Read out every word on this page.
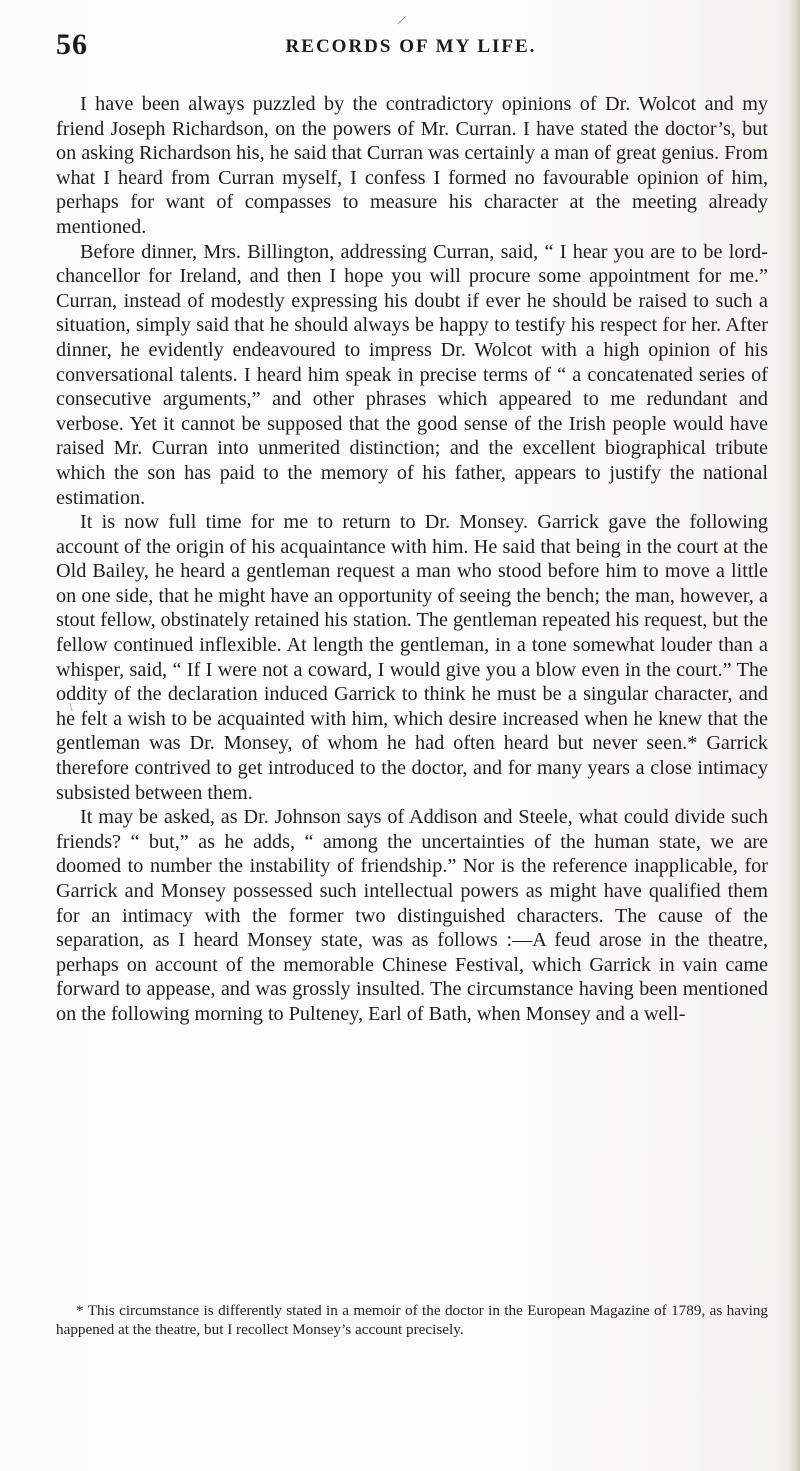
56	RECORDS OF MY LIFE.

I have been always puzzled by the contradictory opinions of Dr. Wolcot and my friend Joseph Richardson, on the powers of Mr. Curran. I have stated the doctor’s, but on asking Richardson his, he said that Curran was certainly a man of great genius. From what I heard from Curran myself, I confess I formed no favourable opinion of him, perhaps for want of compasses to measure his character at the meeting already mentioned.

Before dinner, Mrs. Billington, addressing Curran, said, “ I hear you are to be lord-chancellor for Ireland, and then I hope you will procure some appointment for me.” Curran, instead of modestly expressing his doubt if ever he should be raised to such a situation, simply said that he should always be happy to testify his respect for her. After dinner, he evidently endeavoured to impress Dr. Wolcot with a high opinion of his conversational talents. I heard him speak in precise terms of “ a concatenated series of consecutive arguments,” and other phrases which appeared to me redundant and verbose. Yet it cannot be supposed that the good sense of the Irish people would have raised Mr. Curran into unmerited distinction; and the excellent biographical tribute which the son has paid to the memory of his father, appears to justify the national estimation.

It is now full time for me to return to Dr. Monsey. Garrick gave the following account of the origin of his acquaintance with him. He said that being in the court at the Old Bailey, he heard a gentleman request a man who stood before him to move a little on one side, that he might have an opportunity of seeing the bench; the man, however, a stout fellow, obstinately retained his station. The gentleman repeated his request, but the fellow continued inflexible. At length the gentleman, in a tone somewhat louder than a whisper, said, “ If I were not a coward, I would give you a blow even in the court.” The oddity of the declaration induced Garrick to think he must be a singular character, and he felt a wish to be acquainted with him, which desire increased when he knew that the gentleman was Dr. Monsey, of whom he had often heard but never seen.* Garrick therefore contrived to get introduced to the doctor, and for many years a close intimacy subsisted between them.

It may be asked, as Dr. Johnson says of Addison and Steele, what could divide such friends? “ but,” as he adds, “ among the uncertainties of the human state, we are doomed to number the instability of friendship.” Nor is the reference inapplicable, for Garrick and Monsey possessed such intellectual powers as might have qualified them for an intimacy with the former two distinguished characters. The cause of the separation, as I heard Monsey state, was as follows :—A feud arose in the theatre, perhaps on account of the memorable Chinese Festival, which Garrick in vain came forward to appease, and was grossly insulted. The circumstance having been mentioned on the following morning to Pulteney, Earl of Bath, when Monsey and a well-

* This circumstance is differently stated in a memoir of the doctor in the European Magazine of 1789, as having happened at the theatre, but I recollect Monsey’s account precisely.
